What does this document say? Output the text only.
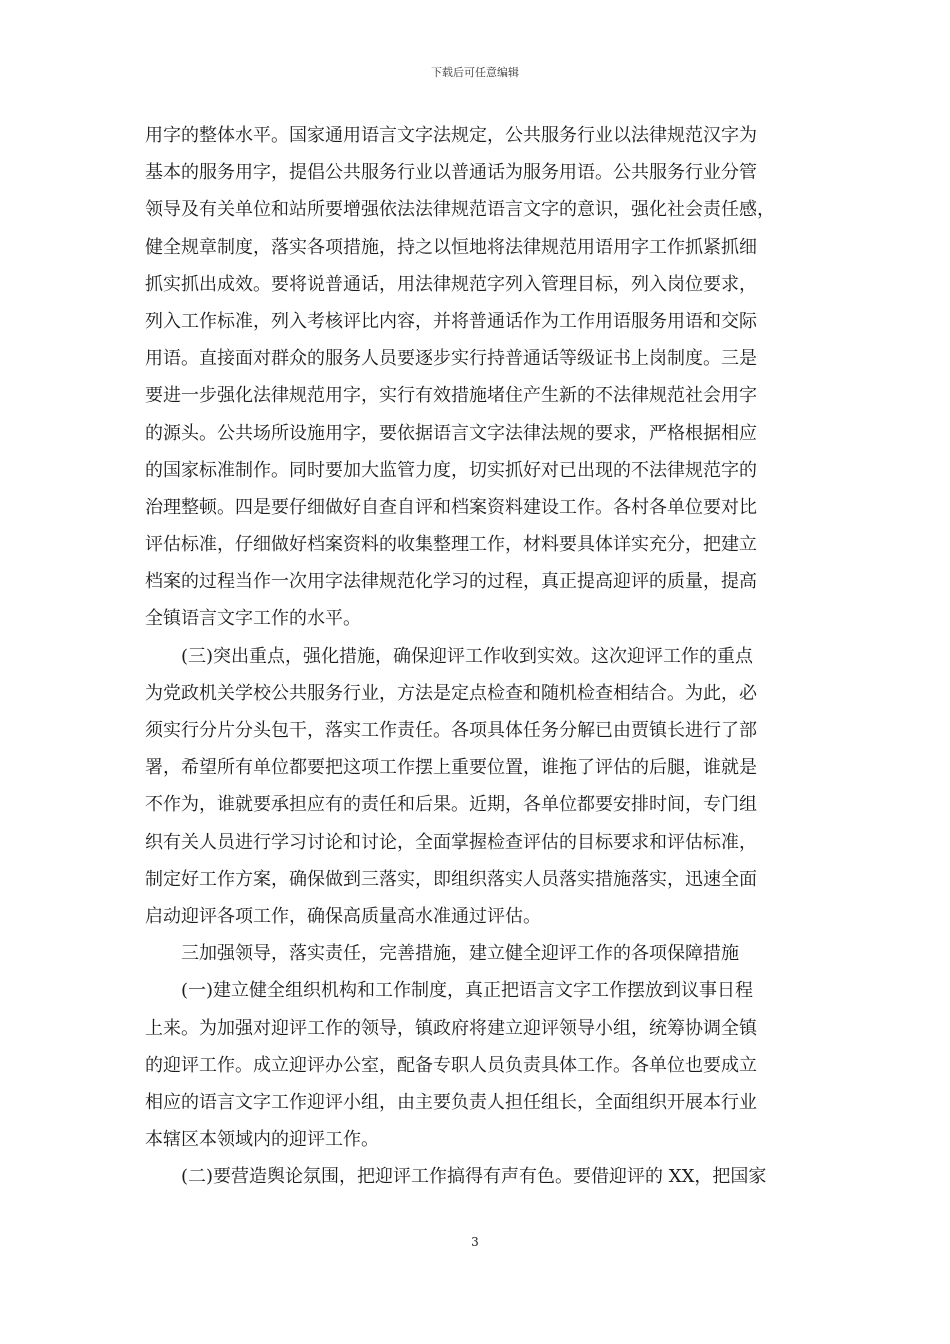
下载后可任意编辑
用字的整体水平。国家通用语言文字法规定，公共服务行业以法律规范汉字为
基本的服务用字，提倡公共服务行业以普通话为服务用语。公共服务行业分管
领导及有关单位和站所要增强依法法律规范语言文字的意识，强化社会责任感，
健全规章制度，落实各项措施，持之以恒地将法律规范用语用字工作抓紧抓细
抓实抓出成效。要将说普通话，用法律规范字列入管理目标，列入岗位要求，
列入工作标准，列入考核评比内容，并将普通话作为工作用语服务用语和交际
用语。直接面对群众的服务人员要逐步实行持普通话等级证书上岗制度。三是
要进一步强化法律规范用字，实行有效措施堵住产生新的不法律规范社会用字
的源头。公共场所设施用字，要依据语言文字法律法规的要求，严格根据相应
的国家标准制作。同时要加大监管力度，切实抓好对已出现的不法律规范字的
治理整顿。四是要仔细做好自查自评和档案资料建设工作。各村各单位要对比
评估标准，仔细做好档案资料的收集整理工作，材料要具体详实充分，把建立
档案的过程当作一次用字法律规范化学习的过程，真正提高迎评的质量，提高
全镇语言文字工作的水平。
(三)突出重点，强化措施，确保迎评工作收到实效。这次迎评工作的重点
为党政机关学校公共服务行业，方法是定点检查和随机检查相结合。为此，必
须实行分片分头包干，落实工作责任。各项具体任务分解已由贾镇长进行了部
署，希望所有单位都要把这项工作摆上重要位置，谁拖了评估的后腿，谁就是
不作为，谁就要承担应有的责任和后果。近期，各单位都要安排时间，专门组
织有关人员进行学习讨论和讨论，全面掌握检查评估的目标要求和评估标准，
制定好工作方案，确保做到三落实，即组织落实人员落实措施落实，迅速全面
启动迎评各项工作，确保高质量高水准通过评估。
三加强领导，落实责任，完善措施，建立健全迎评工作的各项保障措施
(一)建立健全组织机构和工作制度，真正把语言文字工作摆放到议事日程
上来。为加强对迎评工作的领导，镇政府将建立迎评领导小组，统筹协调全镇
的迎评工作。成立迎评办公室，配备专职人员负责具体工作。各单位也要成立
相应的语言文字工作迎评小组，由主要负责人担任组长，全面组织开展本行业
本辖区本领域内的迎评工作。
(二)要营造舆论氛围，把迎评工作搞得有声有色。要借迎评的 XX，把国家
3
